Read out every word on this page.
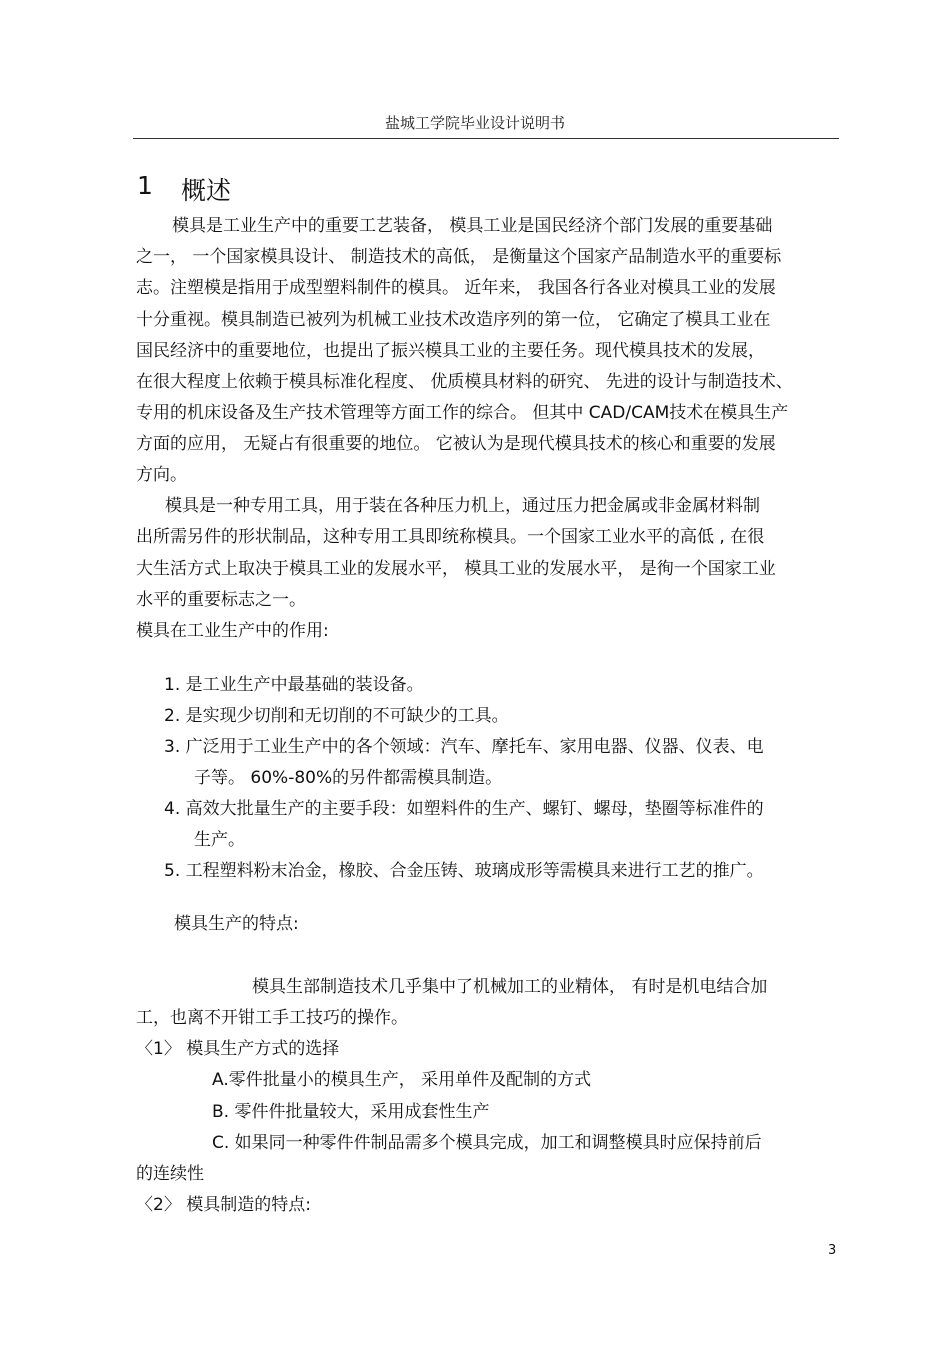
盐城工学院毕业设计说明书
1 概述
模具是工业生产中的重要工艺装备， 模具工业是国民经济个部门发展的重要基础
之一， 一个国家模具设计、 制造技术的高低， 是衡量这个国家产品制造水平的重要标
志。注塑模是指用于成型塑料制件的模具。 近年来， 我国各行各业对模具工业的发展
十分重视。模具制造已被列为机械工业技术改造序列的第一位， 它确定了模具工业在
国民经济中的重要地位，也提出了振兴模具工业的主要任务。现代模具技术的发展，
在很大程度上依赖于模具标准化程度、 优质模具材料的研究、 先进的设计与制造技术、
专用的机床设备及生产技术管理等方面工作的综合。 但其中 CAD/CAM技术在模具生产
方面的应用， 无疑占有很重要的地位。 它被认为是现代模具技术的核心和重要的发展
方向。
模具是一种专用工具，用于装在各种压力机上，通过压力把金属或非金属材料制
出所需另件的形状制品，这种专用工具即统称模具。一个国家工业水平的高低 , 在很
大生活方式上取决于模具工业的发展水平， 模具工业的发展水平， 是徇一个国家工业
水平的重要标志之一。
模具在工业生产中的作用:
1. 是工业生产中最基础的装设备。
2. 是实现少切削和无切削的不可缺少的工具。
3. 广泛用于工业生产中的各个领域：汽车、摩托车、家用电器、仪器、仪表、电
子等。 60%-80%的另件都需模具制造。
4. 高效大批量生产的主要手段：如塑料件的生产、螺钉、螺母，垫圈等标准件的
生产。
5. 工程塑料粉末冶金，橡胶、合金压铸、玻璃成形等需模具来进行工艺的推广。
模具生产的特点:
模具生部制造技术几乎集中了机械加工的业精体， 有时是机电结合加
工，也离不开钳工手工技巧的操作。
〈1〉 模具生产方式的选择
A.零件批量小的模具生产， 采用单件及配制的方式
B. 零件件批量较大，采用成套性生产
C. 如果同一种零件件制品需多个模具完成，加工和调整模具时应保持前后
的连续性
〈2〉 模具制造的特点:
3
